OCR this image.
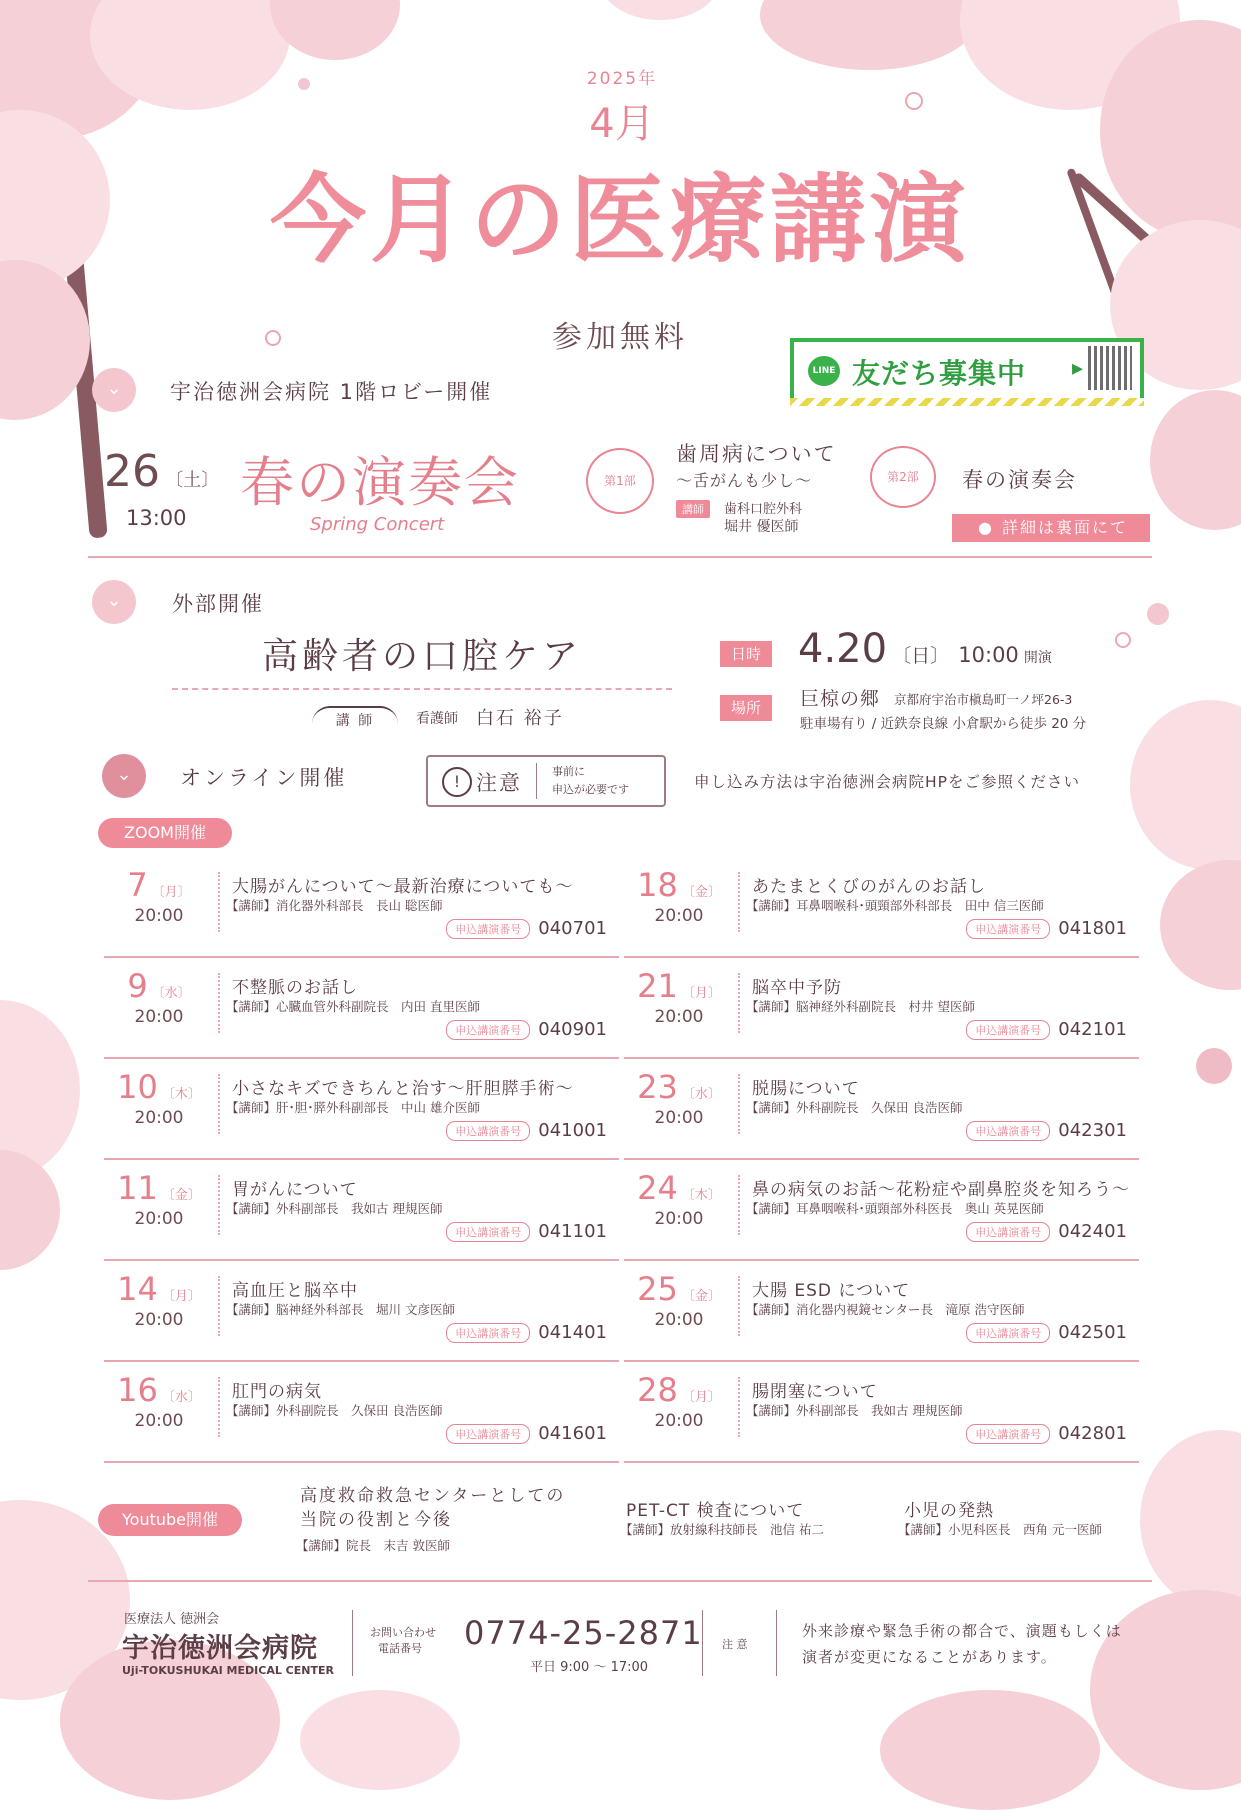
2025年
4月
今月の医療講演
参加無料
LINE 友だち募集中 ▸
⌄	宇治徳洲会病院 1階ロビー開催
26 〔土〕
13:00
春の演奏会
Spring Concert
第1部
歯周病について
～舌がんも少し～
講師	歯科口腔外科
堀井 優医師
第2部	春の演奏会
● 詳細は裏面にて
⌄	外部開催
高齢者の口腔ケア
講 師	看護師 白石 裕子
日時 4.20 〔日〕 10:00 開演
場所	巨椋の郷 京都府宇治市槇島町一ノ坪26-3
駐車場有り / 近鉄奈良線 小倉駅から徒歩 20 分
⌄	オンライン開催	! 注意	事前に
申込が必要です	申し込み方法は宇治徳洲会病院HPをご参照ください
ZOOM開催
7 〔月〕
20:00
大腸がんについて～最新治療についても～
【講師】消化器外科部長　長山 聡医師
申込講演番号 040701
9 〔水〕
20:00
不整脈のお話し
【講師】心臓血管外科副院長　内田 直里医師
申込講演番号 040901
10 〔木〕
20:00
小さなキズできちんと治す～肝胆膵手術～
【講師】肝･胆･膵外科副部長　中山 雄介医師
申込講演番号 041001
11 〔金〕
20:00
胃がんについて
【講師】外科副部長　我如古 理規医師
申込講演番号 041101
14 〔月〕
20:00
高血圧と脳卒中
【講師】脳神経外科部長　堀川 文彦医師
申込講演番号 041401
16 〔水〕
20:00
肛門の病気
【講師】外科副院長　久保田 良浩医師
申込講演番号 041601
18 〔金〕
20:00
あたまとくびのがんのお話し
【講師】耳鼻咽喉科･頭頸部外科部長　田中 信三医師
申込講演番号 041801
21 〔月〕
20:00
脳卒中予防
【講師】脳神経外科副院長　村井 望医師
申込講演番号 042101
23 〔水〕
20:00
脱腸について
【講師】外科副院長　久保田 良浩医師
申込講演番号 042301
24 〔木〕
20:00
鼻の病気のお話～花粉症や副鼻腔炎を知ろう～
【講師】耳鼻咽喉科･頭頸部外科医長　奥山 英晃医師
申込講演番号 042401
25 〔金〕
20:00
大腸 ESD について
【講師】消化器内視鏡センター長　滝原 浩守医師
申込講演番号 042501
28 〔月〕
20:00
腸閉塞について
【講師】外科副部長　我如古 理規医師
申込講演番号 042801
Youtube開催
高度救命救急センターとしての当院の役割と今後
【講師】院長　末吉 敦医師
PET-CT 検査について
【講師】放射線科技師長　池信 祐二
小児の発熱
【講師】小児科医長　西角 元一医師
医療法人 徳洲会
宇治徳洲会病院
Uji-TOKUSHUKAI MEDICAL CENTER
お問い合わせ
電話番号 0774-25-2871
平日 9:00 ～ 17:00
注 意
外来診療や緊急手術の都合で、演題もしくは
演者が変更になることがあります。
